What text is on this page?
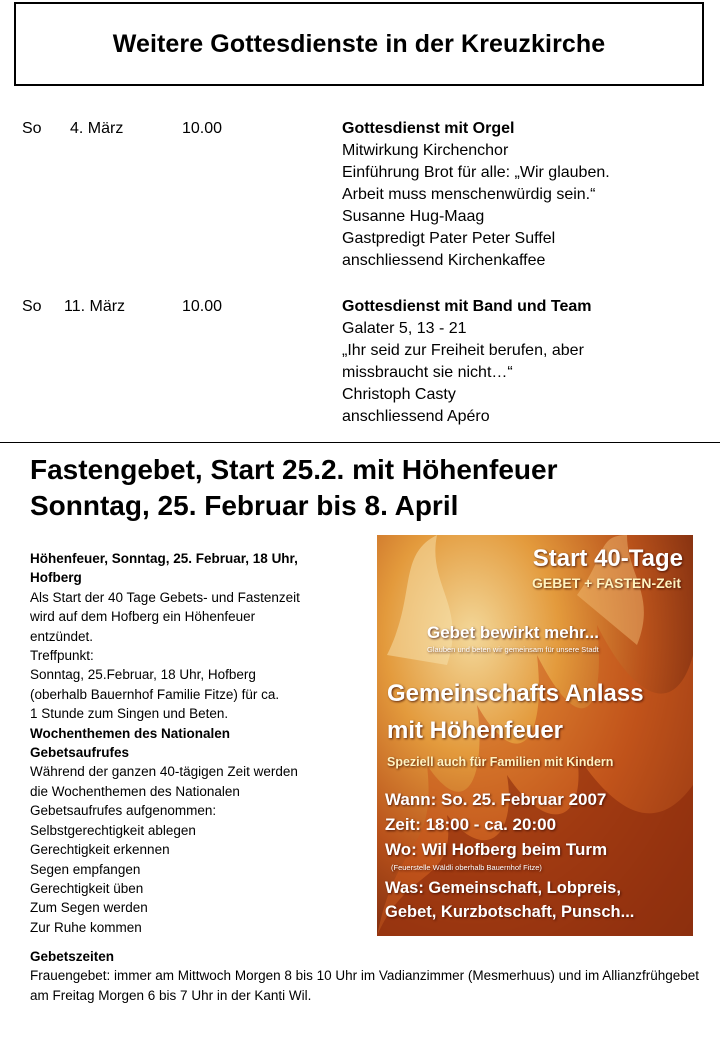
Weitere Gottesdienste in der Kreuzkirche
So 4. März	10.00	Gottesdienst mit Orgel
Mitwirkung Kirchenchor
Einführung Brot für alle: „Wir glauben.
Arbeit muss menschenwürdig sein.“
Susanne Hug-Maag
Gastpredigt Pater Peter Suffel
anschliessend Kirchenkaffee
So 11. März	10.00	Gottesdienst mit Band und Team
Galater 5, 13 - 21
„Ihr seid zur Freiheit berufen, aber
missbraucht sie nicht…“
Christoph Casty
anschliessend Apéro
Fastengebet, Start 25.2. mit Höhenfeuer
Sonntag, 25. Februar bis 8. April
Höhenfeuer, Sonntag, 25. Februar, 18 Uhr,
Hofberg
Als Start der 40 Tage Gebets- und Fastenzeit
wird auf dem Hofberg ein Höhenfeuer
entzündet.
Treffpunkt:
Sonntag, 25.Februar, 18 Uhr, Hofberg
(oberhalb Bauernhof Familie Fitze) für ca.
1 Stunde zum Singen und Beten.
Wochenthemen des Nationalen
Gebetsaufrufes
Während der ganzen 40-tägigen Zeit werden
die Wochenthemen des Nationalen
Gebetsaufrufes aufgenommen:
Selbstgerechtigkeit ablegen
Gerechtigkeit erkennen
Segen empfangen
Gerechtigkeit üben
Zum Segen werden
Zur Ruhe kommen
Start 40-Tage
GEBET + FASTEN-Zeit
Gebet bewirkt mehr...
Glauben und beten wir gemeinsam für unsere Stadt
Gemeinschafts Anlass
mit Höhenfeuer
Speziell auch für Familien mit Kindern
Wann: So. 25. Februar 2007
Zeit: 18:00 - ca. 20:00
Wo: Wil Hofberg beim Turm
(Feuerstelle Wäldli oberhalb Bauernhof Fitze)
Was: Gemeinschaft, Lobpreis,
Gebet, Kurzbotschaft, Punsch...
Gebetszeiten
Frauengebet: immer am Mittwoch Morgen 8 bis 10 Uhr im Vadianzimmer (Mesmerhuus) und im Allianzfrühgebet am Freitag Morgen 6 bis 7 Uhr in der Kanti Wil.
